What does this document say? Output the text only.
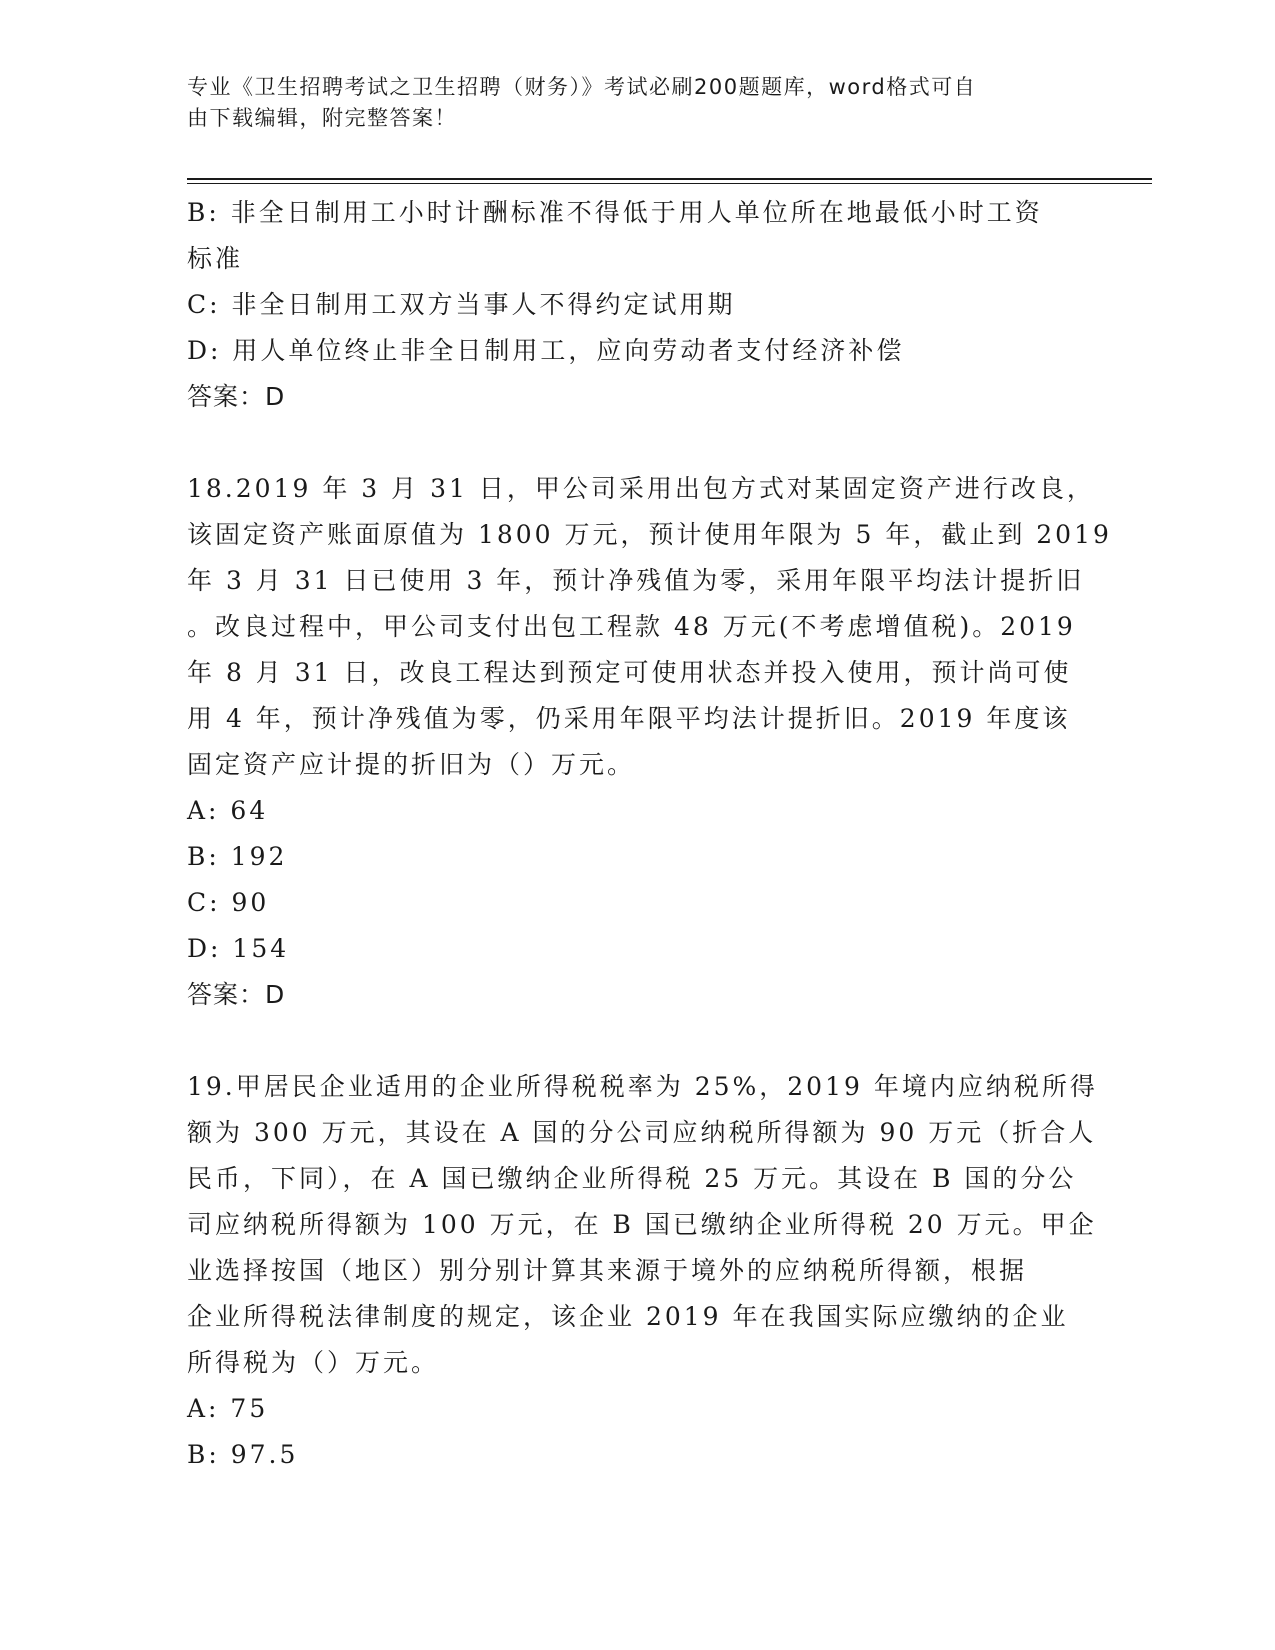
专业《卫生招聘考试之卫生招聘（财务）》考试必刷200题题库，word格式可自
由下载编辑，附完整答案！
B: 非全日制用工小时计酬标准不得低于用人单位所在地最低小时工资
标准
C: 非全日制用工双方当事人不得约定试用期
D: 用人单位终止非全日制用工，应向劳动者支付经济补偿
答案：D
18.2019 年 3 月 31 日，甲公司采用出包方式对某固定资产进行改良，
该固定资产账面原值为 1800 万元，预计使用年限为 5 年，截止到 2019
年 3 月 31 日已使用 3 年，预计净残值为零，采用年限平均法计提折旧
。改良过程中，甲公司支付出包工程款 48 万元(不考虑增值税)。2019
年 8 月 31 日，改良工程达到预定可使用状态并投入使用，预计尚可使
用 4 年，预计净残值为零，仍采用年限平均法计提折旧。2019 年度该
固定资产应计提的折旧为（）万元。
A: 64
B: 192
C: 90
D: 154
答案：D
19.甲居民企业适用的企业所得税税率为 25%，2019 年境内应纳税所得
额为 300 万元，其设在 A 国的分公司应纳税所得额为 90 万元（折合人
民币，下同），在 A 国已缴纳企业所得税 25 万元。其设在 B 国的分公
司应纳税所得额为 100 万元，在 B 国已缴纳企业所得税 20 万元。甲企
业选择按国（地区）别分别计算其来源于境外的应纳税所得额，根据
企业所得税法律制度的规定，该企业 2019 年在我国实际应缴纳的企业
所得税为（）万元。
A: 75
B: 97.5
